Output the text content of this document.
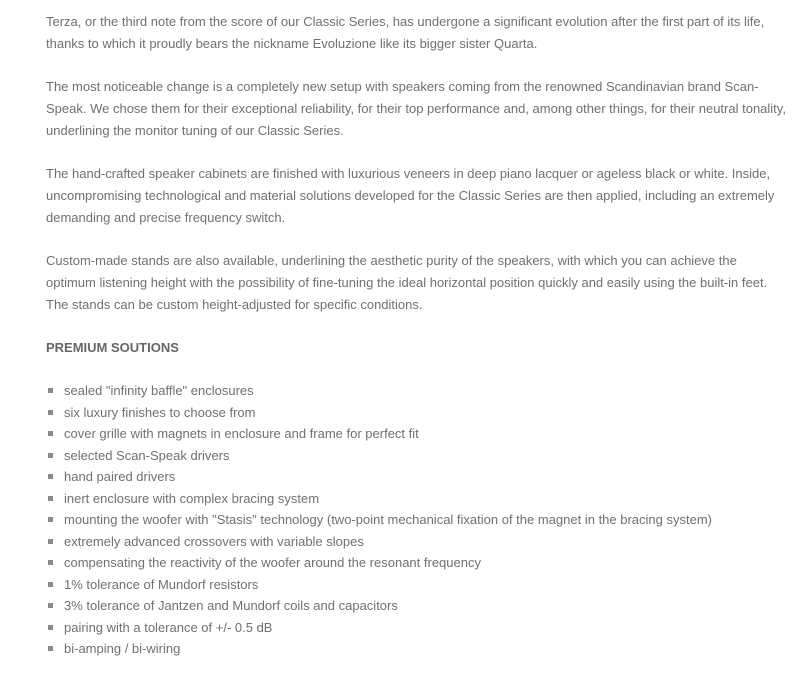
Terza, or the third note from the score of our Classic Series, has undergone a significant evolution after the first part of its life, thanks to which it proudly bears the nickname Evoluzione like its bigger sister Quarta.

The most noticeable change is a completely new setup with speakers coming from the renowned Scandinavian brand Scan-Speak. We chose them for their exceptional reliability, for their top performance and, among other things, for their neutral tonality, underlining the monitor tuning of our Classic Series.

The hand-crafted speaker cabinets are finished with luxurious veneers in deep piano lacquer or ageless black or white. Inside, uncompromising technological and material solutions developed for the Classic Series are then applied, including an extremely demanding and precise frequency switch.

Custom-made stands are also available, underlining the aesthetic purity of the speakers, with which you can achieve the optimum listening height with the possibility of fine-tuning the ideal horizontal position quickly and easily using the built-in feet. The stands can be custom height-adjusted for specific conditions.

PREMIUM SOUTIONS
sealed "infinity baffle" enclosures
six luxury finishes to choose from
cover grille with magnets in enclosure and frame for perfect fit
selected Scan-Speak drivers
hand paired drivers
inert enclosure with complex bracing system
mounting the woofer with "Stasis" technology (two-point mechanical fixation of the magnet in the bracing system)
extremely advanced crossovers with variable slopes
compensating the reactivity of the woofer around the resonant frequency
1% tolerance of Mundorf resistors
3% tolerance of Jantzen and Mundorf coils and capacitors
pairing with a tolerance of +/- 0.5 dB
bi-amping / bi-wiring
